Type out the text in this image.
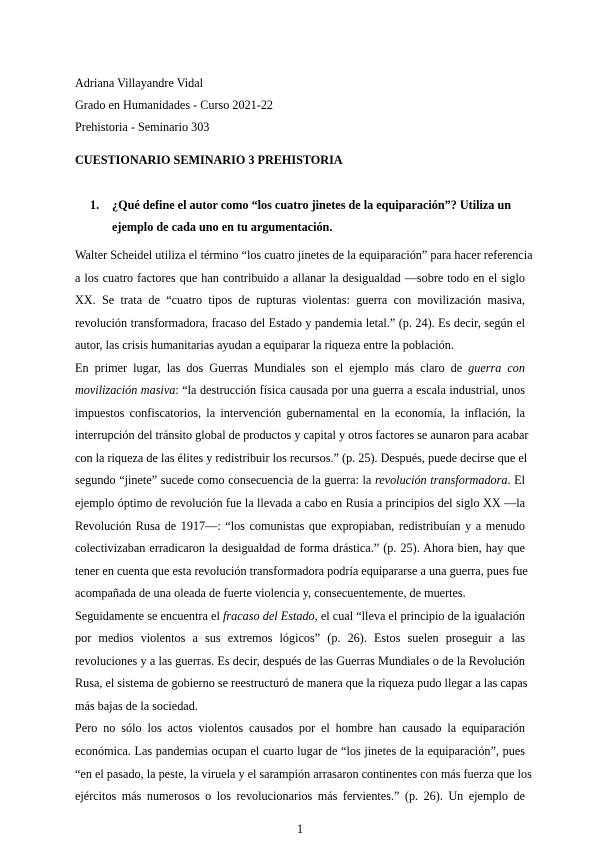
Adriana Villayandre Vidal
Grado en Humanidades - Curso 2021-22
Prehistoria - Seminario 303
CUESTIONARIO SEMINARIO 3 PREHISTORIA
1. ¿Qué define el autor como “los cuatro jinetes de la equiparación”? Utiliza un
ejemplo de cada uno en tu argumentación.
Walter Scheidel utiliza el término “los cuatro jinetes de la equiparación” para hacer referencia
a los cuatro factores que han contribuido a allanar la desigualdad —sobre todo en el siglo
XX. Se trata de “cuatro tipos de rupturas violentas: guerra con movilización masiva,
revolución transformadora, fracaso del Estado y pandemia letal.” (p. 24). Es decir, según el
autor, las crisis humanitarias ayudan a equiparar la riqueza entre la población.
En primer lugar, las dos Guerras Mundiales son el ejemplo más claro de guerra con
movilización masiva: “la destrucción física causada por una guerra a escala industrial, unos
impuestos confiscatorios, la intervención gubernamental en la economía, la inflación, la
interrupción del tránsito global de productos y capital y otros factores se aunaron para acabar
con la riqueza de las élites y redistribuir los recursos.” (p. 25). Después, puede decirse que el
segundo “jinete” sucede como consecuencia de la guerra: la revolución transformadora. El
ejemplo óptimo de revolución fue la llevada a cabo en Rusia a principios del siglo XX —la
Revolución Rusa de 1917—: “los comunistas que expropiaban, redistribuían y a menudo
colectivizaban erradicaron la desigualdad de forma drástica.” (p. 25). Ahora bien, hay que
tener en cuenta que esta revolución transformadora podría equipararse a una guerra, pues fue
acompañada de una oleada de fuerte violencia y, consecuentemente, de muertes.
Seguidamente se encuentra el fracaso del Estado, el cual “lleva el principio de la igualación
por medios violentos a sus extremos lógicos” (p. 26). Estos suelen proseguir a las
revoluciones y a las guerras. Es decir, después de las Guerras Mundiales o de la Revolución
Rusa, el sistema de gobierno se reestructuró de manera que la riqueza pudo llegar a las capas
más bajas de la sociedad.
Pero no sólo los actos violentos causados por el hombre han causado la equiparación
económica. Las pandemias ocupan el cuarto lugar de “los jinetes de la equiparación”, pues
“en el pasado, la peste, la viruela y el sarampión arrasaron continentes con más fuerza que los
ejércitos más numerosos o los revolucionarios más fervientes.” (p. 26). Un ejemplo de
1
